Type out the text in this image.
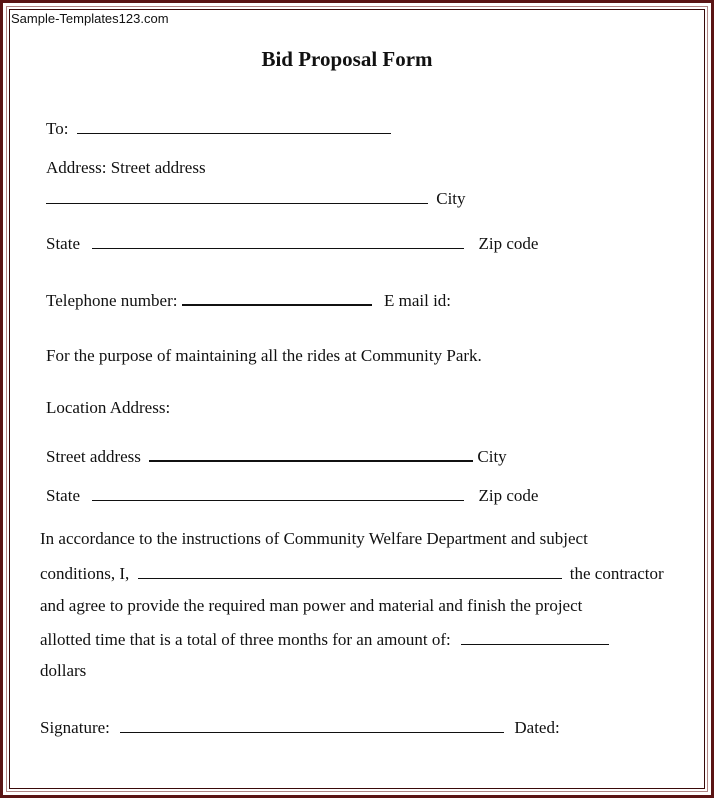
Sample-Templates123.com
Bid Proposal Form
To:
Address: Street address
City
State	Zip code
Telephone number:	E mail id:
For the purpose of maintaining all the rides at Community Park.
Location Address:
Street address	City
State	Zip code
In accordance to the instructions of Community Welfare Department and subject
conditions, I,	the contractor
and agree to provide the required man power and material and finish the project
allotted time that is a total of three months for an amount of:
dollars
Signature:	Dated:
